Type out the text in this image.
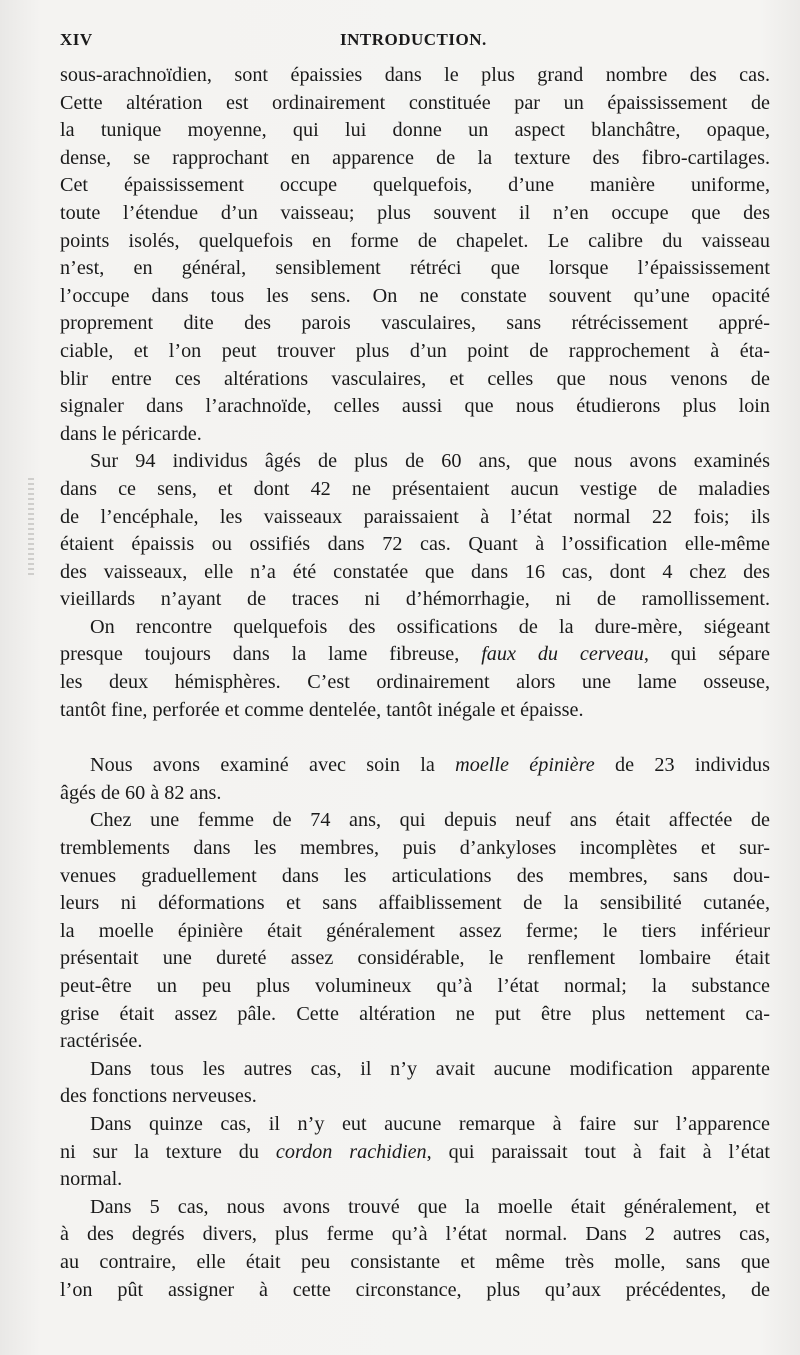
XIV	INTRODUCTION.

sous-arachnoïdien, sont épaissies dans le plus grand nombre des cas.

Cette altération est ordinairement constituée par un épaississement de

la tunique moyenne, qui lui donne un aspect blanchâtre, opaque,

dense, se rapprochant en apparence de la texture des fibro-cartilages.

Cet épaississement occupe quelquefois, d’une manière uniforme,

toute l’étendue d’un vaisseau; plus souvent il n’en occupe que des

points isolés, quelquefois en forme de chapelet. Le calibre du vaisseau

n’est, en général, sensiblement rétréci que lorsque l’épaississement

l’occupe dans tous les sens. On ne constate souvent qu’une opacité

proprement dite des parois vasculaires, sans rétrécissement appré-

ciable, et l’on peut trouver plus d’un point de rapprochement à éta-

blir entre ces altérations vasculaires, et celles que nous venons de

signaler dans l’arachnoïde, celles aussi que nous étudierons plus loin

dans le péricarde.

Sur 94 individus âgés de plus de 60 ans, que nous avons examinés

dans ce sens, et dont 42 ne présentaient aucun vestige de maladies

de l’encéphale, les vaisseaux paraissaient à l’état normal 22 fois; ils

étaient épaissis ou ossifiés dans 72 cas. Quant à l’ossification elle-même

des vaisseaux, elle n’a été constatée que dans 16 cas, dont 4 chez des

vieillards n’ayant de traces ni d’hémorrhagie, ni de ramollissement.

On rencontre quelquefois des ossifications de la dure-mère, siégeant

presque toujours dans la lame fibreuse, faux du cerveau, qui sépare

les deux hémisphères. C’est ordinairement alors une lame osseuse,

tantôt fine, perforée et comme dentelée, tantôt inégale et épaisse.

Nous avons examiné avec soin la moelle épinière de 23 individus

âgés de 60 à 82 ans.

Chez une femme de 74 ans, qui depuis neuf ans était affectée de

tremblements dans les membres, puis d’ankyloses incomplètes et sur-

venues graduellement dans les articulations des membres, sans dou-

leurs ni déformations et sans affaiblissement de la sensibilité cutanée,

la moelle épinière était généralement assez ferme; le tiers inférieur

présentait une dureté assez considérable, le renflement lombaire était

peut-être un peu plus volumineux qu’à l’état normal; la substance

grise était assez pâle. Cette altération ne put être plus nettement ca-

ractérisée.

Dans tous les autres cas, il n’y avait aucune modification apparente

des fonctions nerveuses.

Dans quinze cas, il n’y eut aucune remarque à faire sur l’apparence

ni sur la texture du cordon rachidien, qui paraissait tout à fait à l’état

normal.

Dans 5 cas, nous avons trouvé que la moelle était généralement, et

à des degrés divers, plus ferme qu’à l’état normal. Dans 2 autres cas,

au contraire, elle était peu consistante et même très molle, sans que

l’on pût assigner à cette circonstance, plus qu’aux précédentes, de
